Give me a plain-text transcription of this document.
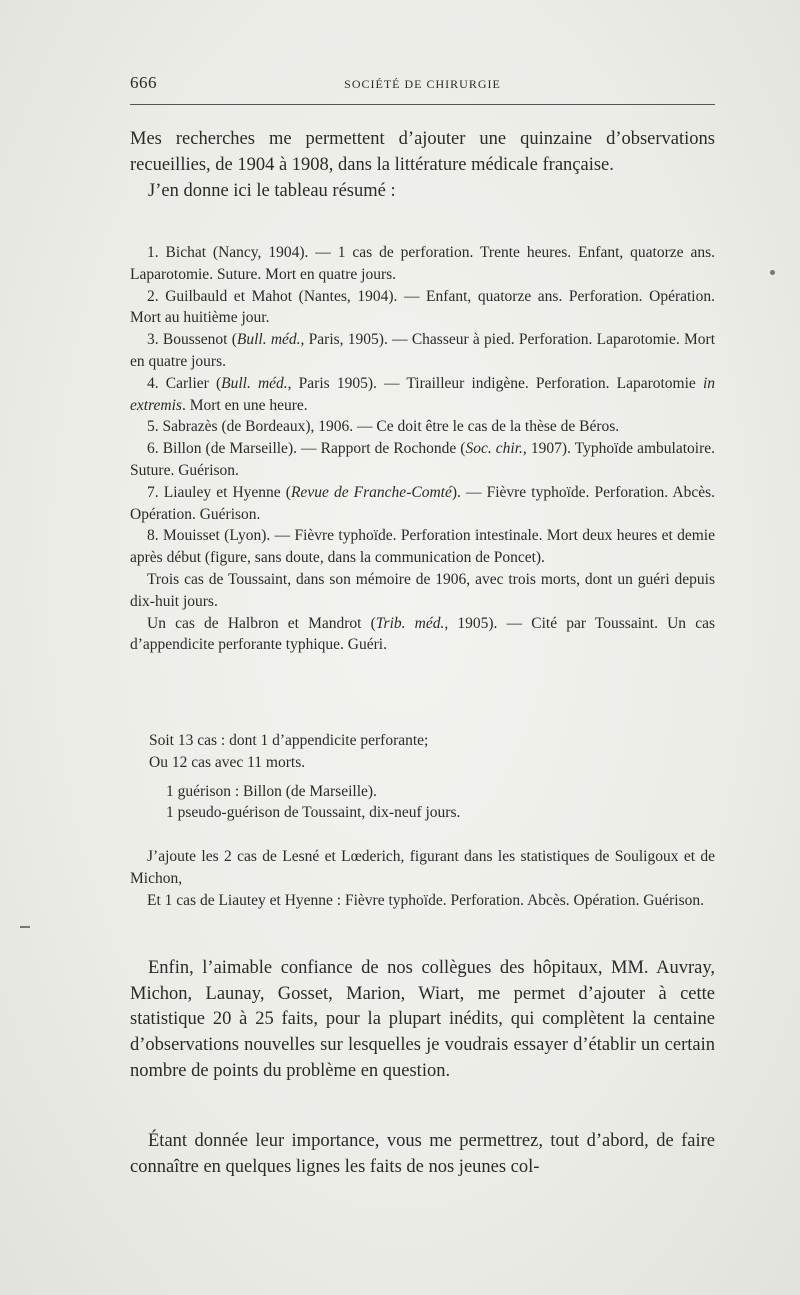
666	SOCIÉTÉ DE CHIRURGIE

Mes recherches me permettent d’ajouter une quinzaine d’observations recueillies, de 1904 à 1908, dans la littérature médicale française.

J’en donne ici le tableau résumé :

1. Bichat (Nancy, 1904). — 1 cas de perforation. Trente heures. Enfant, quatorze ans. Laparotomie. Suture. Mort en quatre jours.

2. Guilbauld et Mahot (Nantes, 1904). — Enfant, quatorze ans. Perforation. Opération. Mort au huitième jour.

3. Boussenot (Bull. méd., Paris, 1905). — Chasseur à pied. Perforation. Laparotomie. Mort en quatre jours.

4. Carlier (Bull. méd., Paris 1905). — Tirailleur indigène. Perforation. Laparotomie in extremis. Mort en une heure.

5. Sabrazès (de Bordeaux), 1906. — Ce doit être le cas de la thèse de Béros.

6. Billon (de Marseille). — Rapport de Rochonde (Soc. chir., 1907). Typhoïde ambulatoire. Suture. Guérison.

7. Liauley et Hyenne (Revue de Franche-Comté). — Fièvre typhoïde. Perforation. Abcès. Opération. Guérison.

8. Mouisset (Lyon). — Fièvre typhoïde. Perforation intestinale. Mort deux heures et demie après début (figure, sans doute, dans la communication de Poncet).

Trois cas de Toussaint, dans son mémoire de 1906, avec trois morts, dont un guéri depuis dix-huit jours.

Un cas de Halbron et Mandrot (Trib. méd., 1905). — Cité par Toussaint. Un cas d’appendicite perforante typhique. Guéri.

Soit 13 cas : dont 1 d’appendicite perforante;

Ou 12 cas avec 11 morts.

1 guérison : Billon (de Marseille).

1 pseudo-guérison de Toussaint, dix-neuf jours.

J’ajoute les 2 cas de Lesné et Lœderich, figurant dans les statistiques de Souligoux et de Michon,

Et 1 cas de Liautey et Hyenne : Fièvre typhoïde. Perforation. Abcès. Opération. Guérison.

Enfin, l’aimable confiance de nos collègues des hôpitaux, MM. Auvray, Michon, Launay, Gosset, Marion, Wiart, me permet d’ajouter à cette statistique 20 à 25 faits, pour la plupart inédits, qui complètent la centaine d’observations nouvelles sur lesquelles je voudrais essayer d’établir un certain nombre de points du problème en question.

Étant donnée leur importance, vous me permettrez, tout d’abord, de faire connaître en quelques lignes les faits de nos jeunes col-
